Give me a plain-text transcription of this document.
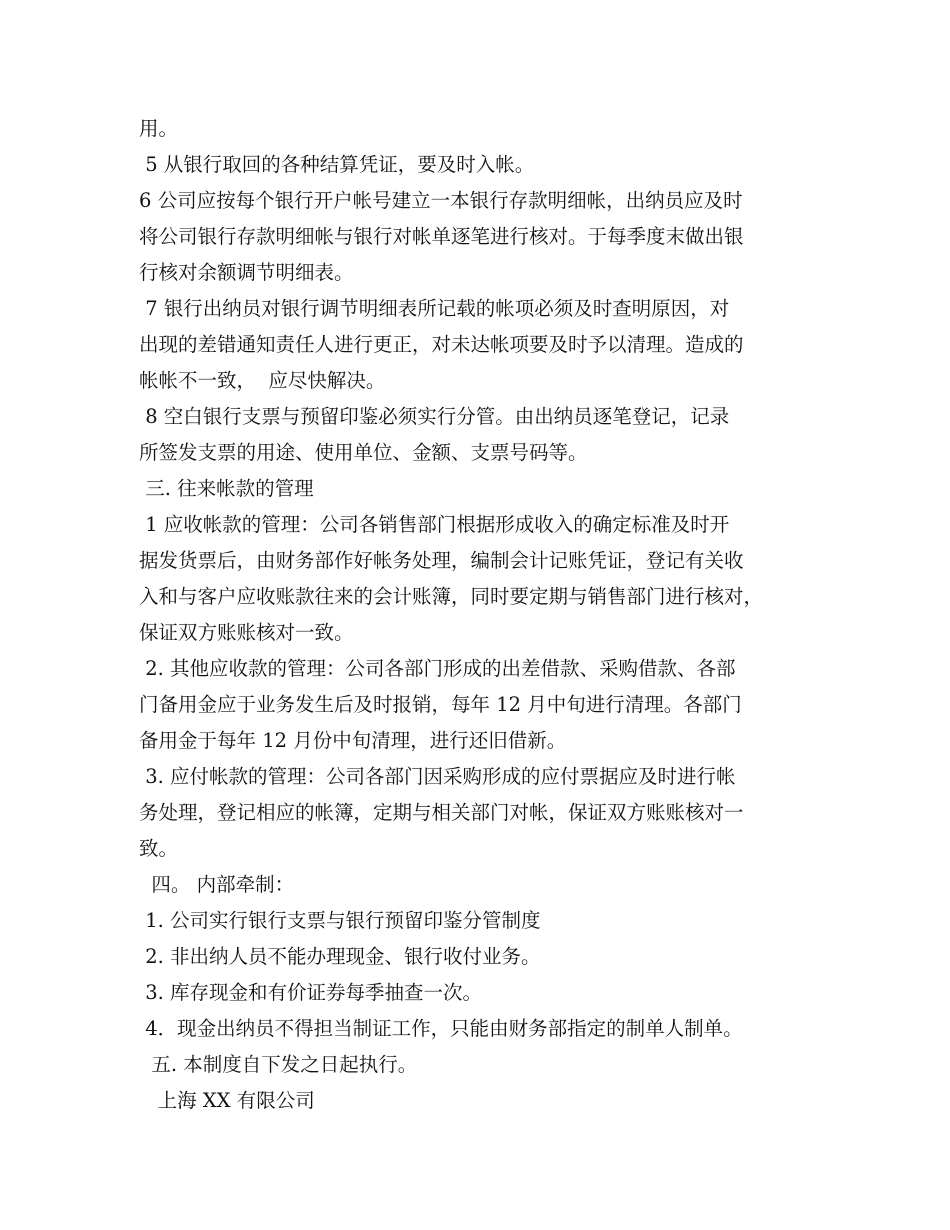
用。
5 从银行取回的各种结算凭证，要及时入帐。
6 公司应按每个银行开户帐号建立一本银行存款明细帐，出纳员应及时
将公司银行存款明细帐与银行对帐单逐笔进行核对。于每季度末做出银
行核对余额调节明细表。
7 银行出纳员对银行调节明细表所记载的帐项必须及时查明原因，对
出现的差错通知责任人进行更正，对未达帐项要及时予以清理。造成的
帐帐不一致，  应尽快解决。
8 空白银行支票与预留印鉴必须实行分管。由出纳员逐笔登记，记录
所签发支票的用途、使用单位、金额、支票号码等。
三. 往来帐款的管理
1 应收帐款的管理：公司各销售部门根据形成收入的确定标准及时开
据发货票后，由财务部作好帐务处理，编制会计记账凭证，登记有关收
入和与客户应收账款往来的会计账簿，同时要定期与销售部门进行核对，
保证双方账账核对一致。
2. 其他应收款的管理：公司各部门形成的出差借款、采购借款、各部
门备用金应于业务发生后及时报销，每年 12 月中旬进行清理。各部门
备用金于每年 12 月份中旬清理，进行还旧借新。
3. 应付帐款的管理：公司各部门因采购形成的应付票据应及时进行帐
务处理，登记相应的帐簿，定期与相关部门对帐，保证双方账账核对一
致。
四。 内部牵制：
1. 公司实行银行支票与银行预留印鉴分管制度
2. 非出纳人员不能办理现金、银行收付业务。
3. 库存现金和有价证券每季抽查一次。
4．现金出纳员不得担当制证工作，只能由财务部指定的制单人制单。
五. 本制度自下发之日起执行。
上海 XX 有限公司
